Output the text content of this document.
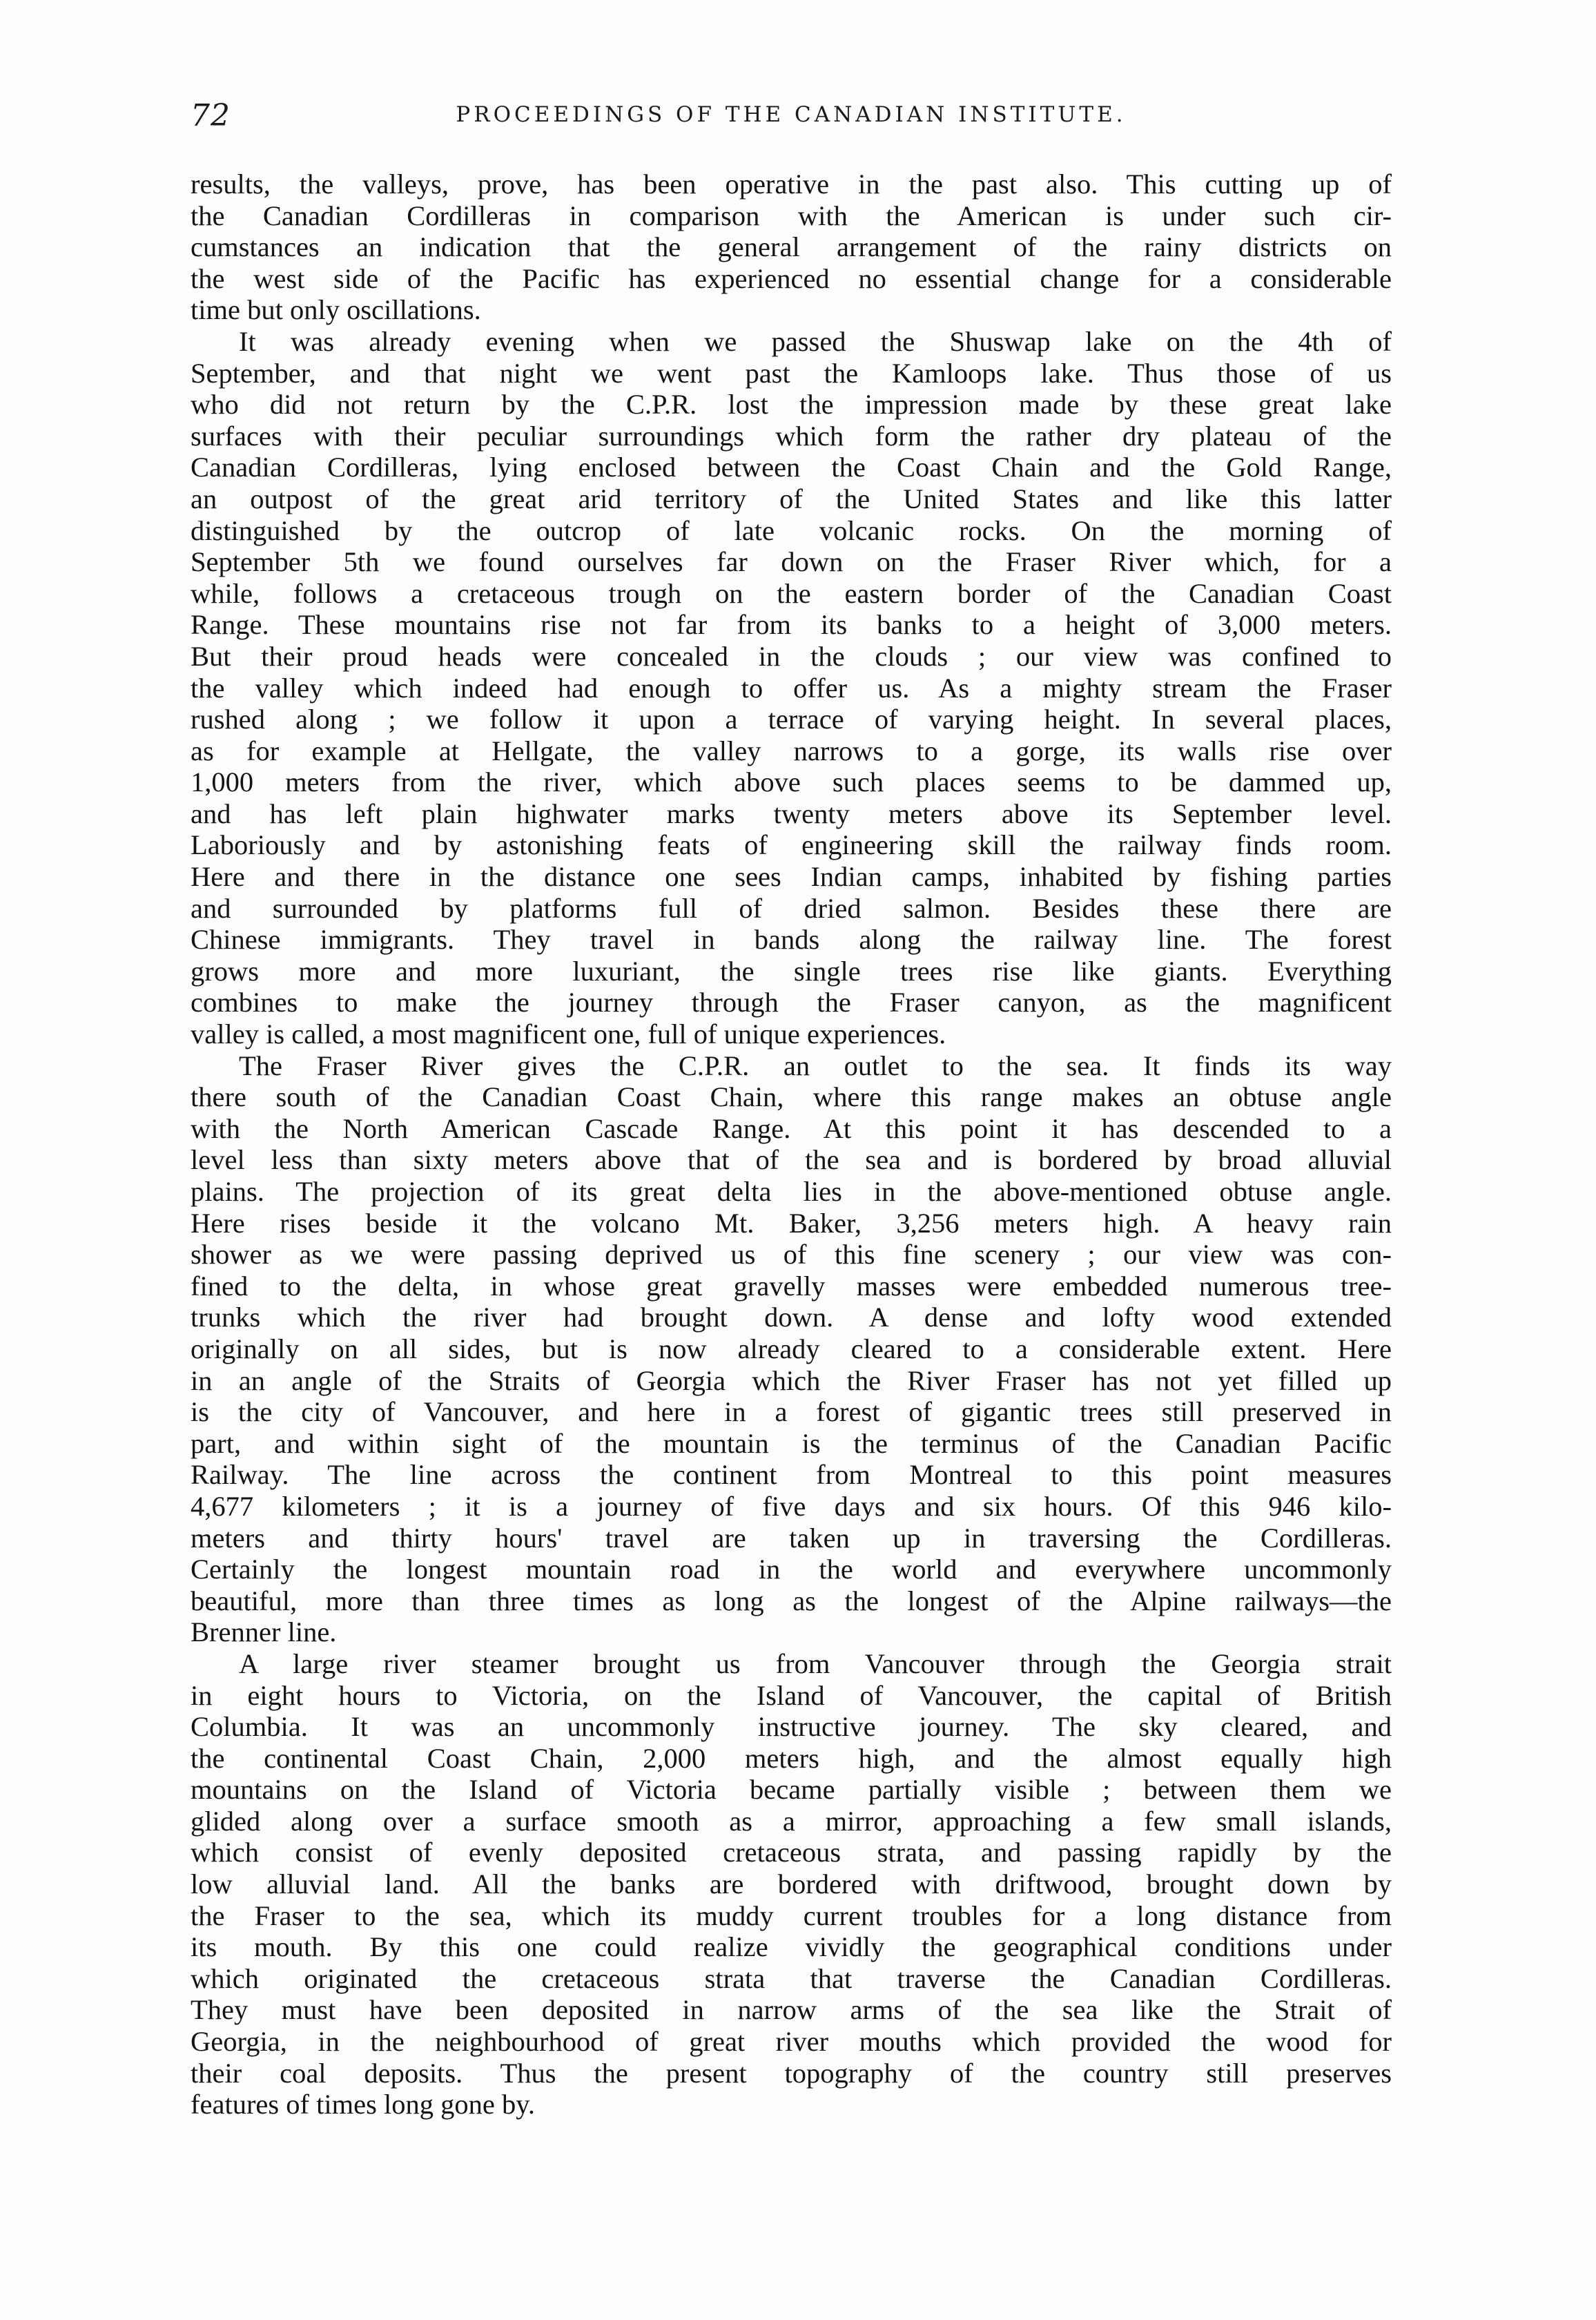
72	PROCEEDINGS OF THE CANADIAN INSTITUTE.
results, the valleys, prove, has been operative in the past also. This cutting up of
the Canadian Cordilleras in comparison with the American is under such cir-
cumstances an indication that the general arrangement of the rainy districts on
the west side of the Pacific has experienced no essential change for a considerable
time but only oscillations.
It was already evening when we passed the Shuswap lake on the 4th of
September, and that night we went past the Kamloops lake. Thus those of us
who did not return by the C.P.R. lost the impression made by these great lake
surfaces with their peculiar surroundings which form the rather dry plateau of the
Canadian Cordilleras, lying enclosed between the Coast Chain and the Gold Range,
an outpost of the great arid territory of the United States and like this latter
distinguished by the outcrop of late volcanic rocks. On the morning of
September 5th we found ourselves far down on the Fraser River which, for a
while, follows a cretaceous trough on the eastern border of the Canadian Coast
Range. These mountains rise not far from its banks to a height of 3,000 meters.
But their proud heads were concealed in the clouds ; our view was confined to
the valley which indeed had enough to offer us. As a mighty stream the Fraser
rushed along ; we follow it upon a terrace of varying height. In several places,
as for example at Hellgate, the valley narrows to a gorge, its walls rise over
1,000 meters from the river, which above such places seems to be dammed up,
and has left plain highwater marks twenty meters above its September level.
Laboriously and by astonishing feats of engineering skill the railway finds room.
Here and there in the distance one sees Indian camps, inhabited by fishing parties
and surrounded by platforms full of dried salmon. Besides these there are
Chinese immigrants. They travel in bands along the railway line. The forest
grows more and more luxuriant, the single trees rise like giants. Everything
combines to make the journey through the Fraser canyon, as the magnificent
valley is called, a most magnificent one, full of unique experiences.
The Fraser River gives the C.P.R. an outlet to the sea. It finds its way
there south of the Canadian Coast Chain, where this range makes an obtuse angle
with the North American Cascade Range. At this point it has descended to a
level less than sixty meters above that of the sea and is bordered by broad alluvial
plains. The projection of its great delta lies in the above-mentioned obtuse angle.
Here rises beside it the volcano Mt. Baker, 3,256 meters high. A heavy rain
shower as we were passing deprived us of this fine scenery ; our view was con-
fined to the delta, in whose great gravelly masses were embedded numerous tree-
trunks which the river had brought down. A dense and lofty wood extended
originally on all sides, but is now already cleared to a considerable extent. Here
in an angle of the Straits of Georgia which the River Fraser has not yet filled up
is the city of Vancouver, and here in a forest of gigantic trees still preserved in
part, and within sight of the mountain is the terminus of the Canadian Pacific
Railway. The line across the continent from Montreal to this point measures
4,677 kilometers ; it is a journey of five days and six hours. Of this 946 kilo-
meters and thirty hours' travel are taken up in traversing the Cordilleras.
Certainly the longest mountain road in the world and everywhere uncommonly
beautiful, more than three times as long as the longest of the Alpine railways—the
Brenner line.
A large river steamer brought us from Vancouver through the Georgia strait
in eight hours to Victoria, on the Island of Vancouver, the capital of British
Columbia. It was an uncommonly instructive journey. The sky cleared, and
the continental Coast Chain, 2,000 meters high, and the almost equally high
mountains on the Island of Victoria became partially visible ; between them we
glided along over a surface smooth as a mirror, approaching a few small islands,
which consist of evenly deposited cretaceous strata, and passing rapidly by the
low alluvial land. All the banks are bordered with driftwood, brought down by
the Fraser to the sea, which its muddy current troubles for a long distance from
its mouth. By this one could realize vividly the geographical conditions under
which originated the cretaceous strata that traverse the Canadian Cordilleras.
They must have been deposited in narrow arms of the sea like the Strait of
Georgia, in the neighbourhood of great river mouths which provided the wood for
their coal deposits. Thus the present topography of the country still preserves
features of times long gone by.
